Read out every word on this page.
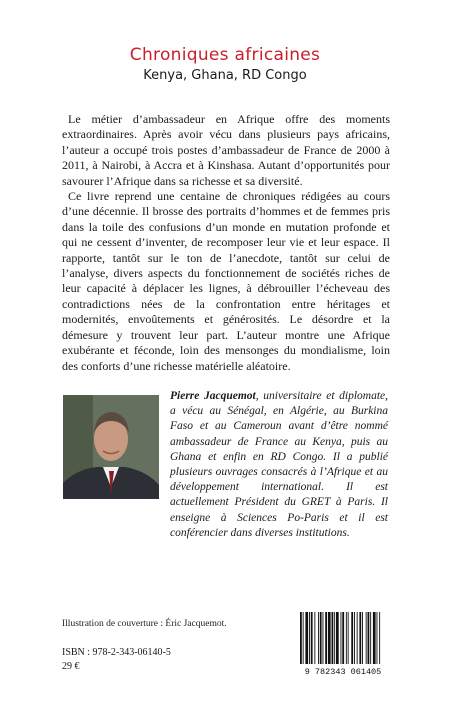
Chroniques africaines
Kenya, Ghana, RD Congo

Le métier d’ambassadeur en Afrique offre des moments extraordinaires. Après avoir vécu dans plusieurs pays africains, l’auteur a occupé trois postes d’ambassadeur de France de 2000 à 2011, à Nairobi, à Accra et à Kinshasa. Autant d’opportunités pour savourer l’Afrique dans sa richesse et sa diversité.

Ce livre reprend une centaine de chroniques rédigées au cours d’une décennie. Il brosse des portraits d’hommes et de femmes pris dans la toile des confusions d’un monde en mutation profonde et qui ne cessent d’inventer, de recomposer leur vie et leur espace. Il rapporte, tantôt sur le ton de l’anecdote, tantôt sur celui de l’analyse, divers aspects du fonctionnement de sociétés riches de leur capacité à déplacer les lignes, à débrouiller l’écheveau des contradictions nées de la confrontation entre héritages et modernités, envoûtements et générosités. Le désordre et la démesure y trouvent leur part. L’auteur montre une Afrique exubérante et féconde, loin des mensonges du mondialisme, loin des conforts d’une richesse matérielle aléatoire.

Pierre Jacquemot, universitaire et diplomate, a vécu au Sénégal, en Algérie, au Burkina Faso et au Cameroun avant d’être nommé ambassadeur de France au Kenya, puis au Ghana et enfin en RD Congo. Il a publié plusieurs ouvrages consacrés à l’Afrique et au développement international. Il est actuellement Président du GRET à Paris. Il enseigne à Sciences Po-Paris et il est conférencier dans diverses institutions.

Illustration de couverture : Éric Jacquemot.
ISBN : 978-2-343-06140-5
29 €	9 782343 061405
